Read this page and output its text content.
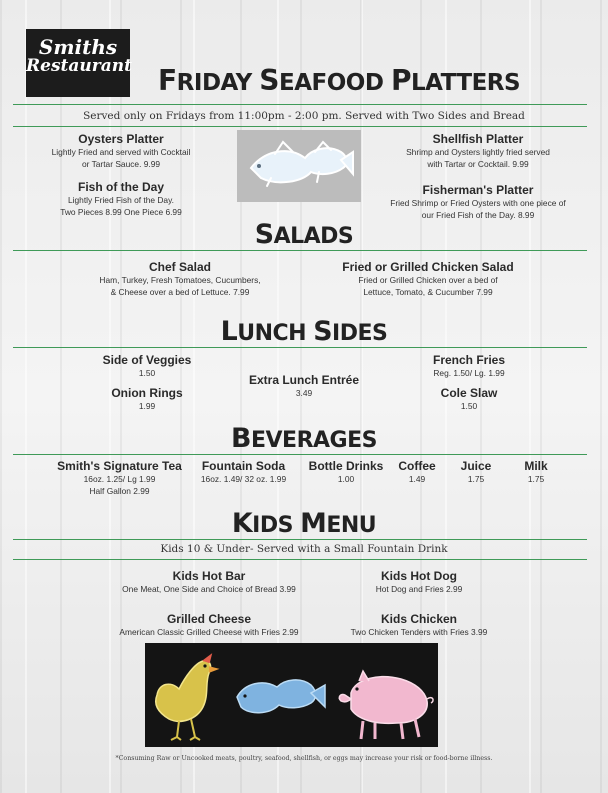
Smiths
Restaurant FRIDAY SEAFOOD PLATTERS
Served only on Fridays from 11:00pm - 2:00 pm. Served with Two Sides and Bread
Oysters Platter
Lightly Fried and served with Cocktail
or Tartar Sauce. 9.99
Fish of the Day
Lightly Fried Fish of the Day.
Two Pieces 8.99 One Piece 6.99
Shellfish Platter
Shrimp and Oysters lightly fried served
with Tartar or Cocktail. 9.99
Fisherman's Platter
Fried Shrimp or Fried Oysters with one piece of
our Fried Fish of the Day. 8.99
SALADS
Chef Salad
Ham, Turkey, Fresh Tomatoes, Cucumbers,
& Cheese over a bed of Lettuce. 7.99
Fried or Grilled Chicken Salad
Fried or Grilled Chicken over a bed of
Lettuce, Tomato, & Cucumber 7.99
LUNCH SIDES
Side of Veggies
1.50
Onion Rings
1.99
Extra Lunch Entrée
3.49
French Fries
Reg. 1.50/ Lg. 1.99
Cole Slaw
1.50
BEVERAGES
Smith's Signature Tea
16oz. 1.25/ Lg 1.99
Half Gallon 2.99
Fountain Soda
16oz. 1.49/ 32 oz. 1.99
Bottle Drinks
1.00
Coffee
1.49
Juice
1.75
Milk
1.75
KIDS MENU
Kids 10 & Under- Served with a Small Fountain Drink
Kids Hot Bar
One Meat, One Side and Choice of Bread 3.99
Kids Hot Dog
Hot Dog and Fries 2.99
Grilled Cheese
American Classic Grilled Cheese with Fries 2.99
Kids Chicken
Two Chicken Tenders with Fries 3.99
*Consuming Raw or Uncooked meats, poultry, seafood, shellfish, or eggs may increase your risk or food-borne illness.
